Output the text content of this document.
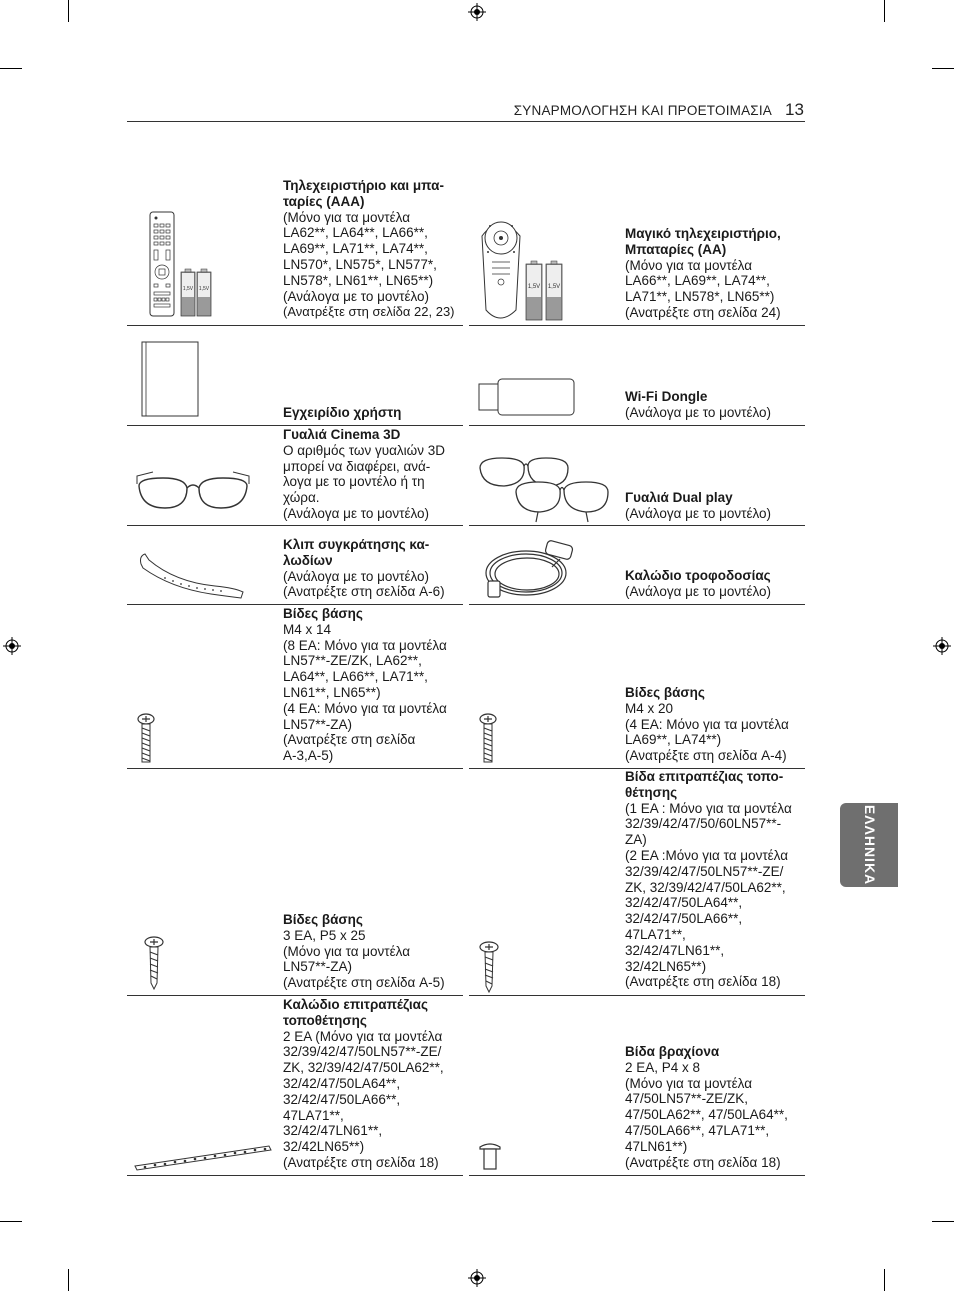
ΣΥΝΑΡΜΟΛΟΓΗΣΗ ΚΑΙ ΠΡΟΕΤΟΙΜΑΣΙΑ 13
ΕΛΛΗΝΙΚΑ
1,5V 1,5V	1,5V 1,5V
Τηλεχειριστήριο και μπα-
ταρίες (AAA)
(Μόνο για τα μοντέλα
LA62**, LA64**, LA66**,
LA69**, LA71**, LA74**,
LN570*, LN575*, LN577*,
LN578*, LN61**, LN65**)
(Ανάλογα με το μοντέλο)
(Ανατρέξτε στη σελίδα 22, 23)
Μαγικό τηλεχειριστήριο,
Μπαταρίες (AA)
(Μόνο για τα μοντέλα
LA66**, LA69**, LA74**,
LA71**, LN578*, LN65**)
(Ανατρέξτε στη σελίδα 24)
Εγχειρίδιο χρήστη
Wi-Fi Dongle
(Ανάλογα με το μοντέλο)
Γυαλιά Cinema 3D
Ο αριθμός των γυαλιών 3D
μπορεί να διαφέρει, ανά-
λογα με το μοντέλο ή τη
χώρα.
(Ανάλογα με το μοντέλο)
Γυαλιά Dual play
(Ανάλογα με το μοντέλο)
Κλιπ συγκράτησης κα-
λωδίων
(Ανάλογα με το μοντέλο)
(Ανατρέξτε στη σελίδα A-6)
Καλώδιο τροφοδοσίας
(Ανάλογα με το μοντέλο)
Βίδες βάσης
M4 x 14
(8 EA: Μόνο για τα μοντέλα
LN57**-ZE/ZK, LA62**,
LA64**, LA66**, LA71**,
LN61**, LN65**)
(4 EA: Μόνο για τα μοντέλα
LN57**-ZA)
(Ανατρέξτε στη σελίδα
A-3,A-5)
Βίδες βάσης
M4 x 20
(4 EA: Μόνο για τα μοντέλα
LA69**, LA74**)
(Ανατρέξτε στη σελίδα A-4)
Βίδες βάσης
3 EA, P5 x 25
(Μόνο για τα μοντέλα
LN57**-ZA)
(Ανατρέξτε στη σελίδα A-5)
Βίδα επιτραπέζιας τοπο-
θέτησης
(1 EA : Μόνο για τα μοντέλα
32/39/42/47/50/60LN57**-
ZA)
(2 EA :Μόνο για τα μοντέλα
32/39/42/47/50LN57**-ZE/
ZK, 32/39/42/47/50LA62**,
32/42/47/50LA64**,
32/42/47/50LA66**,
47LA71**,
32/42/47LN61**,
32/42LN65**)
(Ανατρέξτε στη σελίδα 18)
Καλώδιο επιτραπέζιας
τοποθέτησης
2 EA (Μόνο για τα μοντέλα
32/39/42/47/50LN57**-ZE/
ZK, 32/39/42/47/50LA62**,
32/42/47/50LA64**,
32/42/47/50LA66**,
47LA71**,
32/42/47LN61**,
32/42LN65**)
(Ανατρέξτε στη σελίδα 18)
Βίδα βραχίονα
2 EA, P4 x 8
(Μόνο για τα μοντέλα
47/50LN57**-ZE/ZK,
47/50LA62**, 47/50LA64**,
47/50LA66**, 47LA71**,
47LN61**)
(Ανατρέξτε στη σελίδα 18)
